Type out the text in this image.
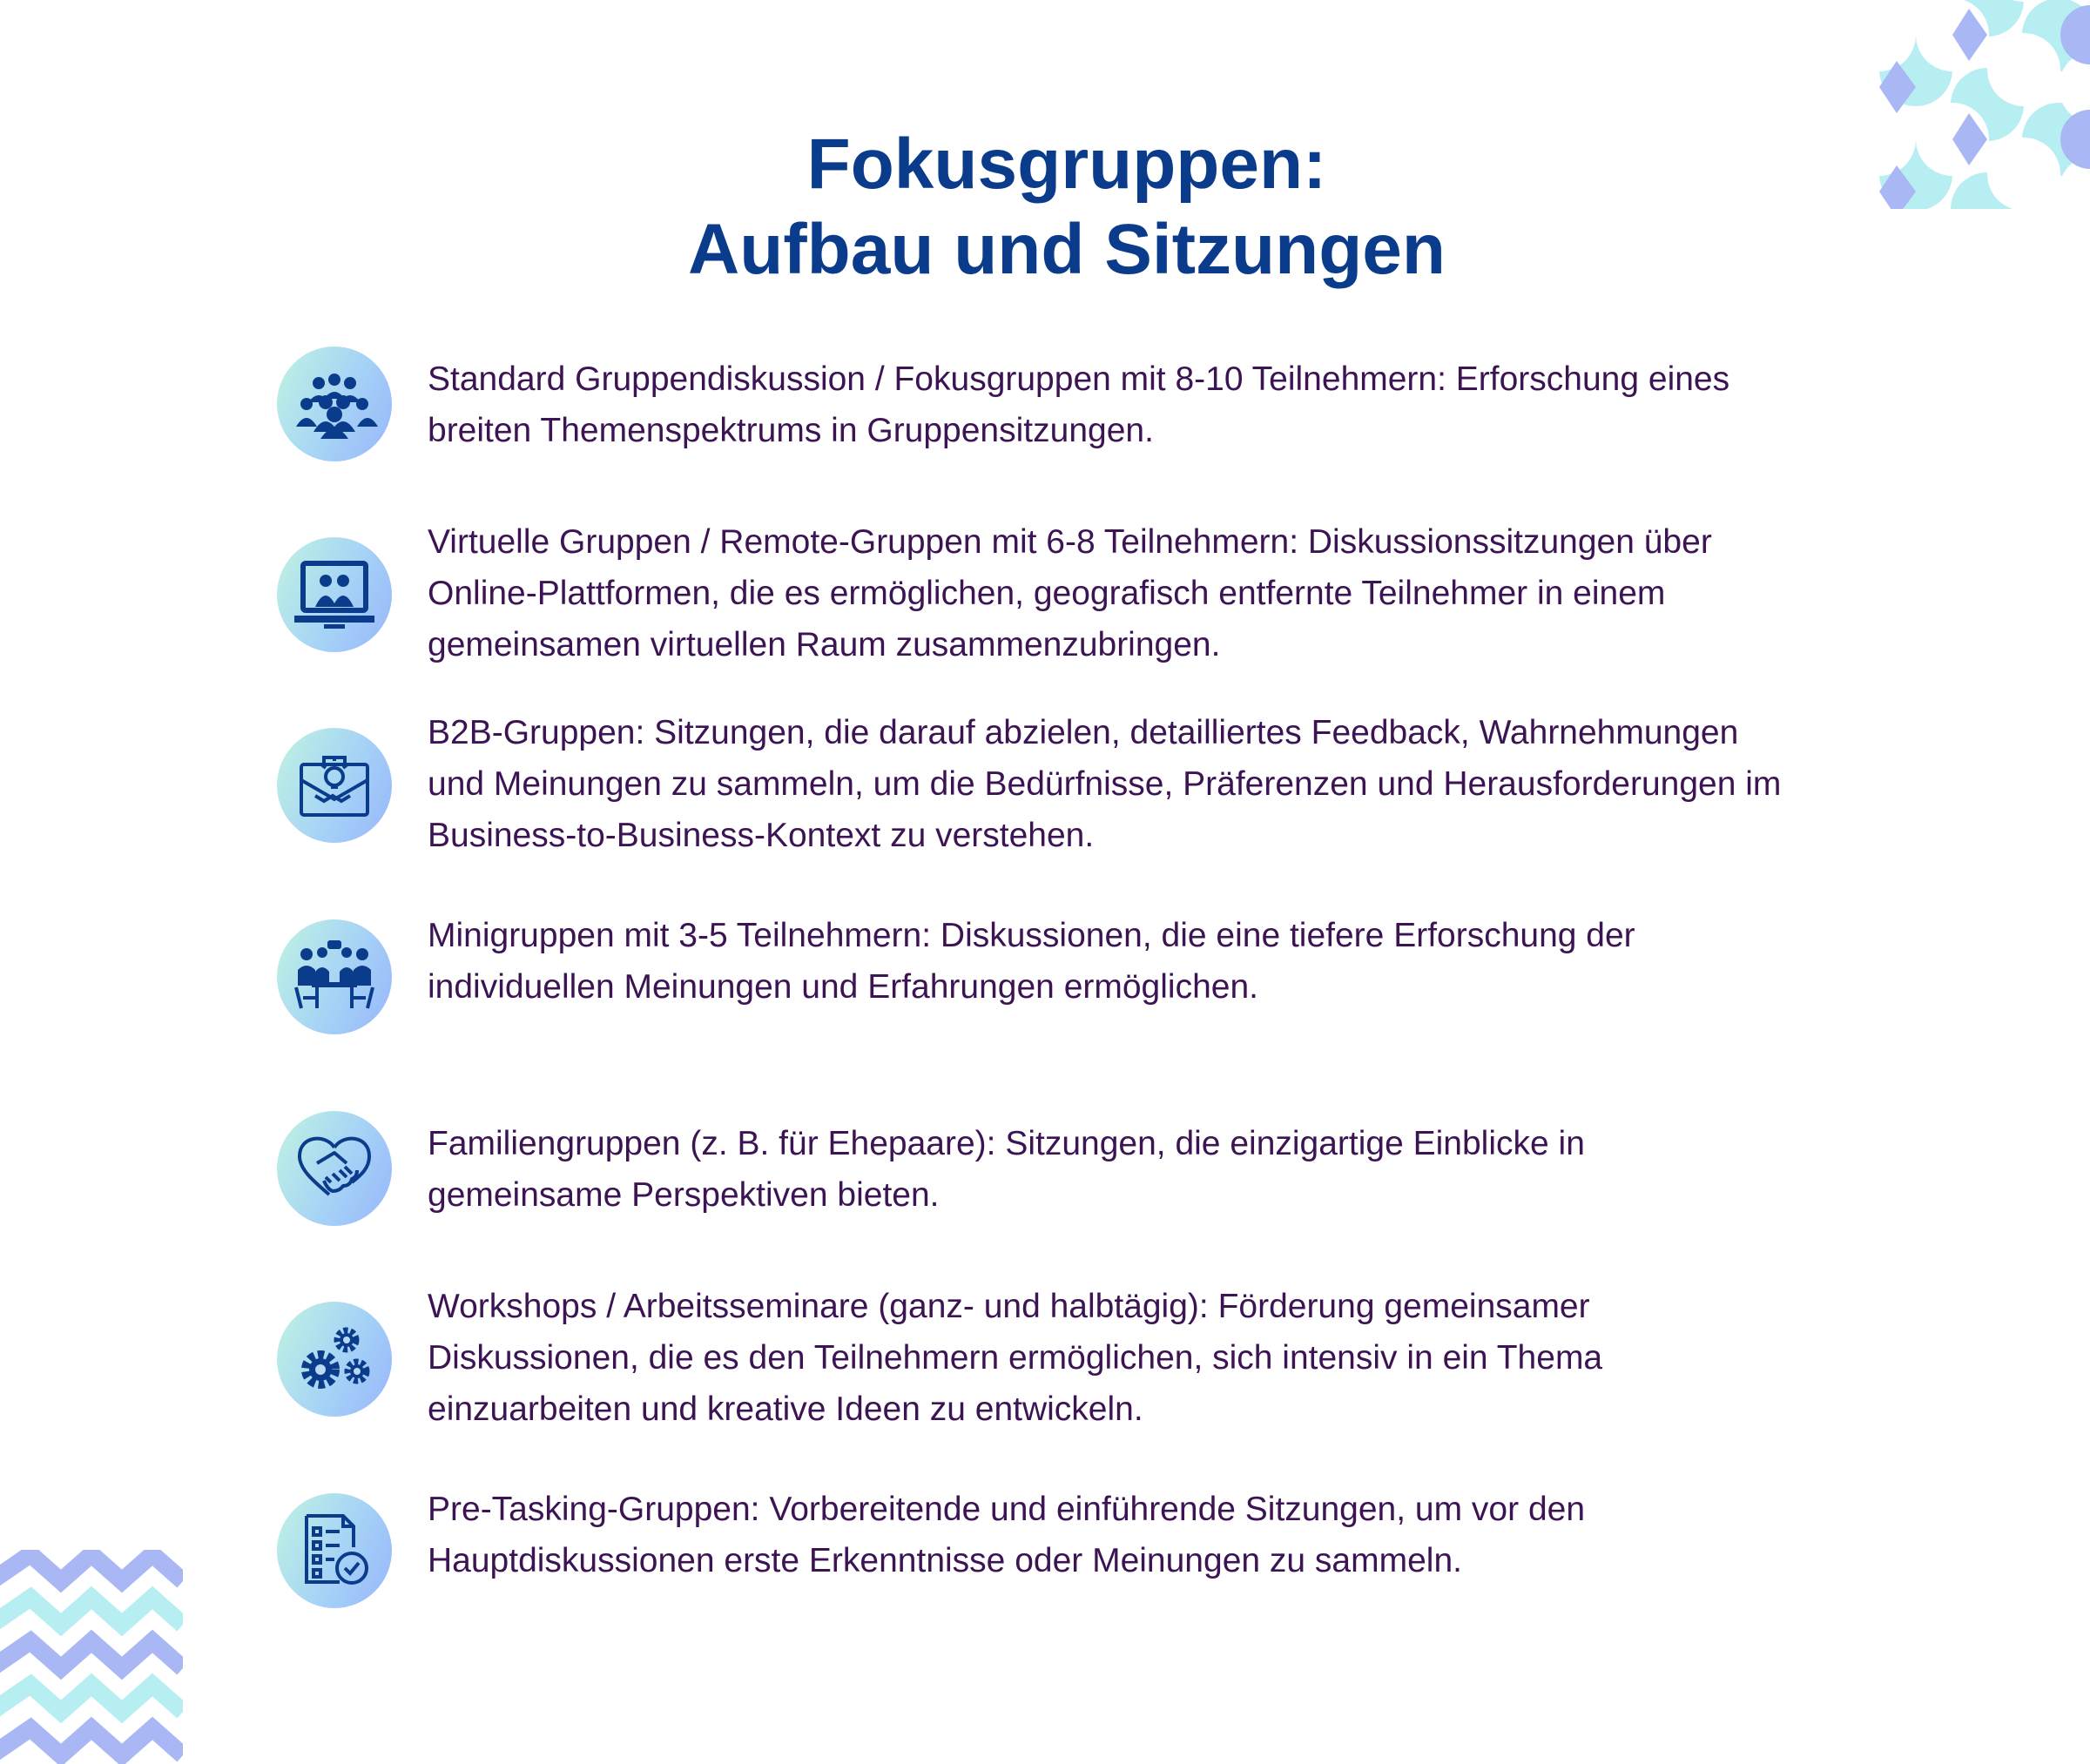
Fokusgruppen:
Aufbau und Sitzungen

Standard Gruppendiskussion / Fokusgruppen mit 8-10 Teilnehmern: Erforschung eines breiten Themenspektrums in Gruppensitzungen.

Virtuelle Gruppen / Remote-Gruppen mit 6-8 Teilnehmern: Diskussionssitzungen über Online-Plattformen, die es ermöglichen, geografisch entfernte Teilnehmer in einem gemeinsamen virtuellen Raum zusammenzubringen.

B2B-Gruppen: Sitzungen, die darauf abzielen, detailliertes Feedback, Wahrnehmungen und Meinungen zu sammeln, um die Bedürfnisse, Präferenzen und Herausforderungen im Business-to-Business-Kontext zu verstehen.

Minigruppen mit 3-5 Teilnehmern: Diskussionen, die eine tiefere Erforschung der individuellen Meinungen und Erfahrungen ermöglichen.

Familiengruppen (z. B. für Ehepaare): Sitzungen, die einzigartige Einblicke in gemeinsame Perspektiven bieten.

Workshops / Arbeitsseminare (ganz- und halbtägig): Förderung gemeinsamer Diskussionen, die es den Teilnehmern ermöglichen, sich intensiv in ein Thema einzuarbeiten und kreative Ideen zu entwickeln.

Pre-Tasking-Gruppen: Vorbereitende und einführende Sitzungen, um vor den Hauptdiskussionen erste Erkenntnisse oder Meinungen zu sammeln.
